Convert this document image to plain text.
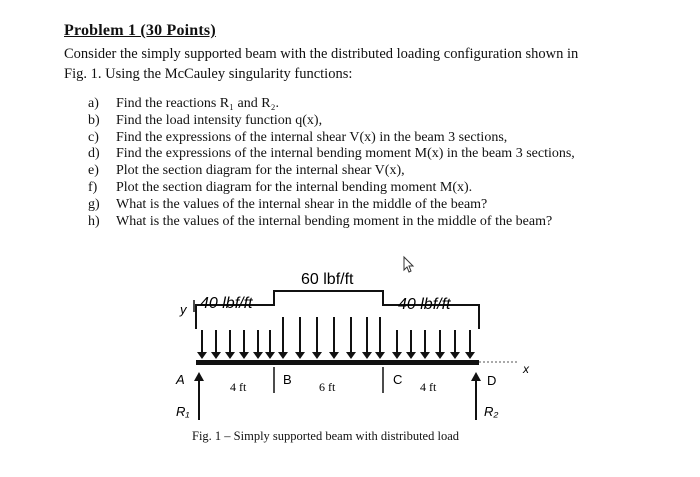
Problem 1 (30 Points)
Consider the simply supported beam with the distributed loading configuration shown in
Fig. 1. Using the McCauley singularity functions:
a)	Find the reactions R₁ and R₂.
b)	Find the load intensity function q(x),
c)	Find the expressions of the internal shear V(x) in the beam 3 sections,
d)	Find the expressions of the internal bending moment M(x) in the beam 3 sections,
e)	Plot the section diagram for the internal shear V(x),
f)	Plot the section diagram for the internal bending moment M(x).
g)	What is the values of the internal shear in the middle of the beam?
h)	What is the values of the internal bending moment in the middle of the beam?
60 lbf/ft
y 40 lbf/ft	40 lbf/ft
x
A	B	C	D
4 ft	6 ft	4 ft
R₁	R₂
Fig. 1 – Simply supported beam with distributed load
